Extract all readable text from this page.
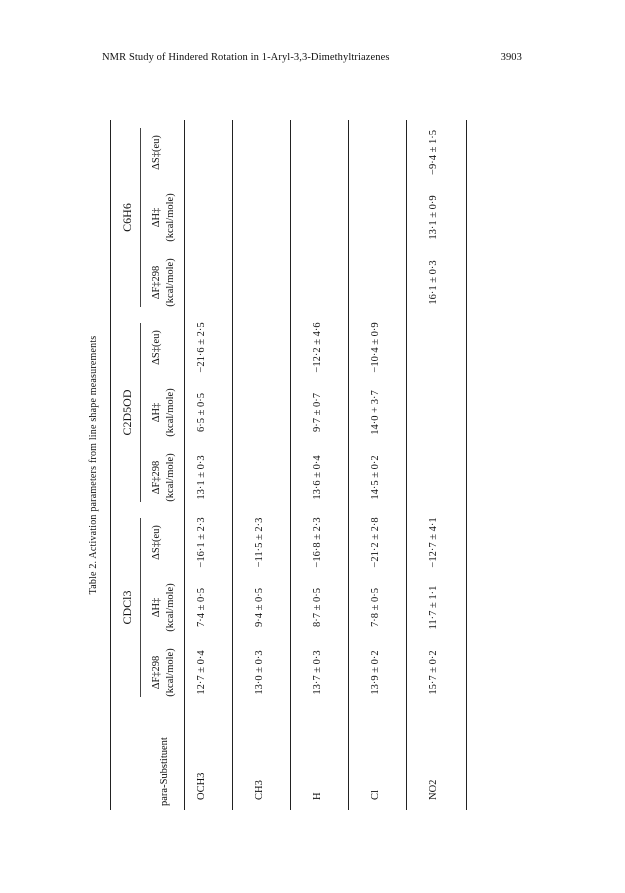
NMR Study of Hindered Rotation in 1-Aryl-3,3-Dimethyltriazenes	3903
Table 2. Activation parameters from line shape measurements
CDCl3
C2D5OD
C6H6
para-Substituent
ΔF‡298 (kcal/mole)
ΔH‡ (kcal/mole)
ΔS‡(eu)
ΔF‡298 (kcal/mole)
ΔH‡ (kcal/mole)
ΔS‡(eu)
ΔF‡298 (kcal/mole)
ΔH‡ (kcal/mole)
ΔS‡(eu)
OCH3
12·7 ± 0·4
7·4 ± 0·5
−16·1 ± 2·3
13·1 ± 0·3
6·5 ± 0·5
−21·6 ± 2·5
CH3
13·0 ± 0·3
9·4 ± 0·5
−11·5 ± 2·3
H
13·7 ± 0·3
8·7 ± 0·5
−16·8 ± 2·3
13·6 ± 0·4
9·7 ± 0·7
−12·2 ± 4·6
Cl
13·9 ± 0·2
7·8 ± 0·5
−21·2 ± 2·8
14·5 ± 0·2
14·0 + 3·7
−10·4 ± 0·9
NO2
15·7 ± 0·2
11·7 ± 1·1
−12·7 ± 4·1
16·1 ± 0·3
13·1 ± 0·9
−9·4 ± 1·5
